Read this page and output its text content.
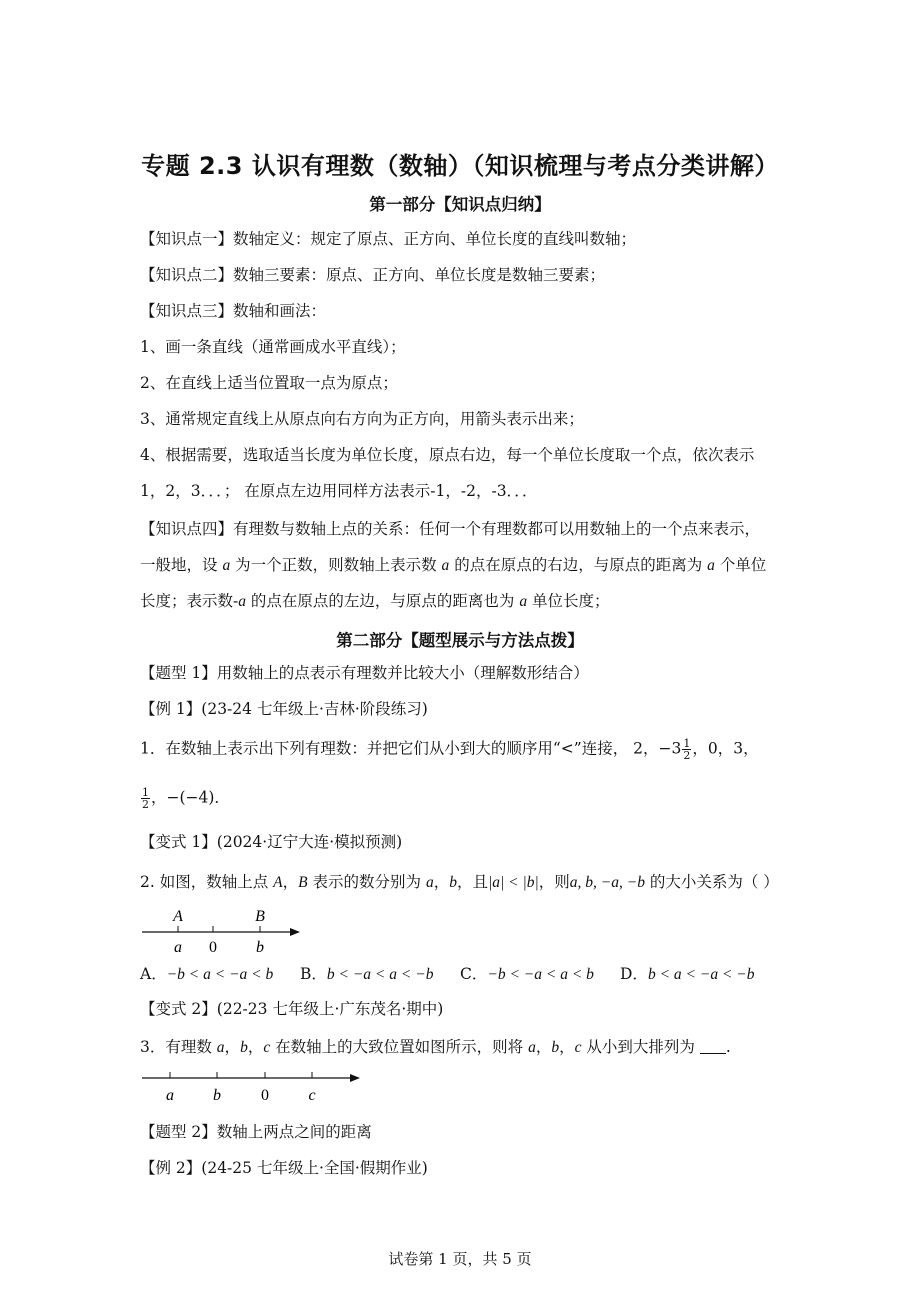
专题 2.3 认识有理数（数轴）（知识梳理与考点分类讲解）
第一部分【知识点归纳】
【知识点一】数轴定义：规定了原点、正方向、单位长度的直线叫数轴；
【知识点二】数轴三要素：原点、正方向、单位长度是数轴三要素；
【知识点三】数轴和画法：
1、画一条直线（通常画成水平直线）；
2、在直线上适当位置取一点为原点；
3、通常规定直线上从原点向右方向为正方向，用箭头表示出来；
4、根据需要，选取适当长度为单位长度，原点右边，每一个单位长度取一个点，依次表示
1，2，3．．．； 在原点左边用同样方法表示-1，-2，-3．．．
【知识点四】有理数与数轴上点的关系：任何一个有理数都可以用数轴上的一个点来表示，
一般地，设 a 为一个正数，则数轴上表示数 a 的点在原点的右边，与原点的距离为 a 个单位
长度；表示数-a 的点在原点的左边，与原点的距离也为 a 单位长度；
第二部分【题型展示与方法点拨】
【题型 1】用数轴上的点表示有理数并比较大小（理解数形结合）
【例 1】(23-24 七年级上·吉林·阶段练习)
1．在数轴上表示出下列有理数：并把它们从小到大的顺序用“<”连接， 2，$-3 \frac{1}{2}$ ，0，3，
$\frac{1}{2}$ ，−(−4)．
【变式 1】(2024·辽宁大连·模拟预测)
2. 如图，数轴上点 A，B 表示的数分别为 a，b，且|a| < |b|，则a, b, −a, −b 的大小关系为（ ）
A	B
a 0 b
A．−b < a < −a < b B．b < −a < a < −b C．−b < −a < a < b D．b < a < −a < −b
【变式 2】(22-23 七年级上·广东茂名·期中)
3．有理数 a，b，c 在数轴上的大致位置如图所示，则将 a，b，c 从小到大排列为 .
a b	0 c
【题型 2】数轴上两点之间的距离
【例 2】(24-25 七年级上·全国·假期作业)
试卷第 1 页，共 5 页
